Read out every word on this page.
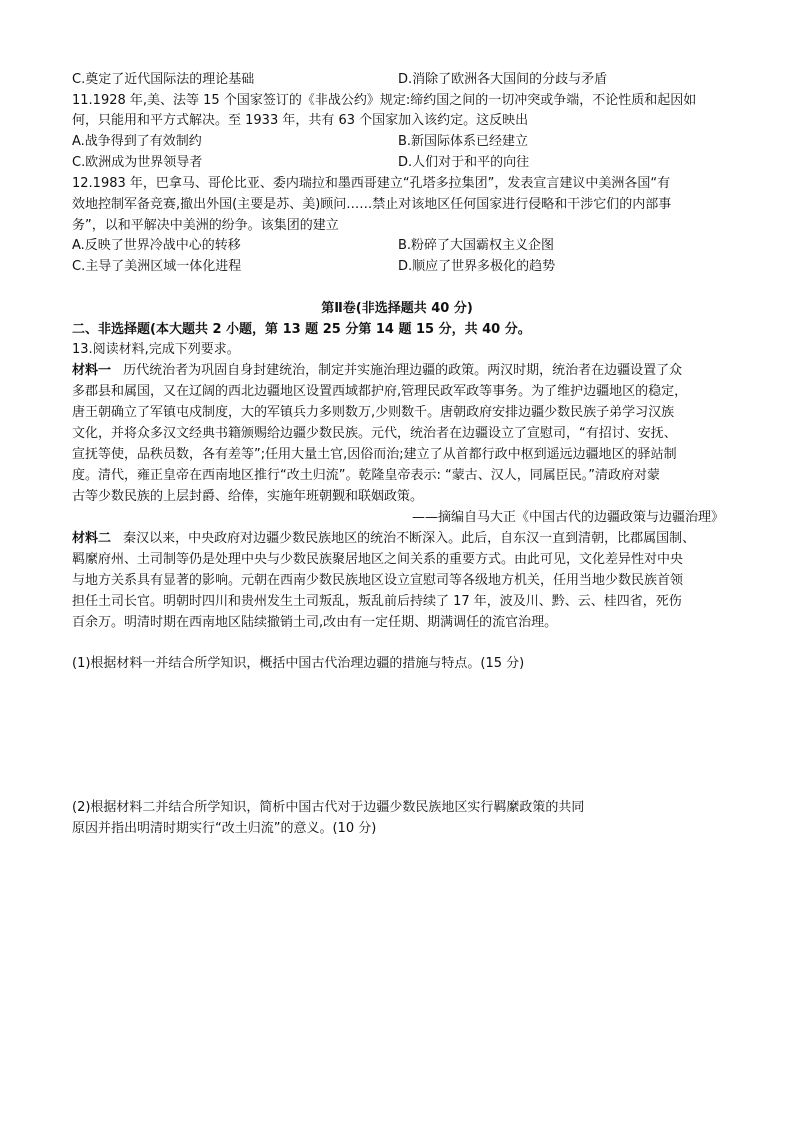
C.奠定了近代国际法的理论基础	D.消除了欧洲各大国间的分歧与矛盾
11.1928 年,美、法等 15 个国家签订的《非战公约》规定:缔约国之间的一切冲突或争端，不论性质和起因如
何，只能用和平方式解决。至 1933 年，共有 63 个国家加入该约定。这反映出
A.战争得到了有效制约	B.新国际体系已经建立
C.欧洲成为世界领导者	D.人们对于和平的向往
12.1983 年，巴拿马、哥伦比亚、委内瑞拉和墨西哥建立“孔塔多拉集团”，发表宣言建议中美洲各国“有
效地控制军备竞赛,撤出外国(主要是苏、美)顾问……禁止对该地区任何国家进行侵略和干涉它们的内部事
务”，以和平解决中美洲的纷争。该集团的建立
A.反映了世界冷战中心的转移	B.粉碎了大国霸权主义企图
C.主导了美洲区域一体化进程	D.顺应了世界多极化的趋势
第Ⅱ卷(非选择题共 40 分)
二、非选择题(本大题共 2 小题，第 13 题 25 分第 14 题 15 分，共 40 分。
13.阅读材料,完成下列要求。
材料一 历代统治者为巩固自身封建统治，制定并实施治理边疆的政策。两汉时期，统治者在边疆设置了众
多郡县和属国，又在辽阔的西北边疆地区设置西域都护府,管理民政军政等事务。为了维护边疆地区的稳定，
唐王朝确立了军镇屯戍制度，大的军镇兵力多则数万,少则数千。唐朝政府安排边疆少数民族子弟学习汉族
文化，并将众多汉文经典书籍颁赐给边疆少数民族。元代，统治者在边疆设立了宣慰司，“有招讨、安抚、
宣抚等使，品秩员数，各有差等”;任用大量土官,因俗而治;建立了从首都行政中枢到遥远边疆地区的驿站制
度。清代，雍正皇帝在西南地区推行“改土归流”。乾隆皇帝表示: “蒙古、汉人，同属臣民。”清政府对蒙
古等少数民族的上层封爵、给俸，实施年班朝觐和联姻政策。
——摘编自马大正《中国古代的边疆政策与边疆治理》
材料二 秦汉以来，中央政府对边疆少数民族地区的统治不断深入。此后，自东汉一直到清朝，比郡属国制、
羁縻府州、土司制等仍是处理中央与少数民族聚居地区之间关系的重要方式。由此可见，文化差异性对中央
与地方关系具有显著的影响。元朝在西南少数民族地区设立宣慰司等各级地方机关，任用当地少数民族首领
担任土司长官。明朝时四川和贵州发生土司叛乱，叛乱前后持续了 17 年，波及川、黔、云、桂四省，死伤
百余万。明清时期在西南地区陆续撤销土司,改由有一定任期、期满调任的流官治理。
(1)根据材料一并结合所学知识，概括中国古代治理边疆的措施与特点。(15 分)
(2)根据材料二并结合所学知识，简析中国古代对于边疆少数民族地区实行羁縻政策的共同
原因并指出明清时期实行“改土归流”的意义。(10 分)
